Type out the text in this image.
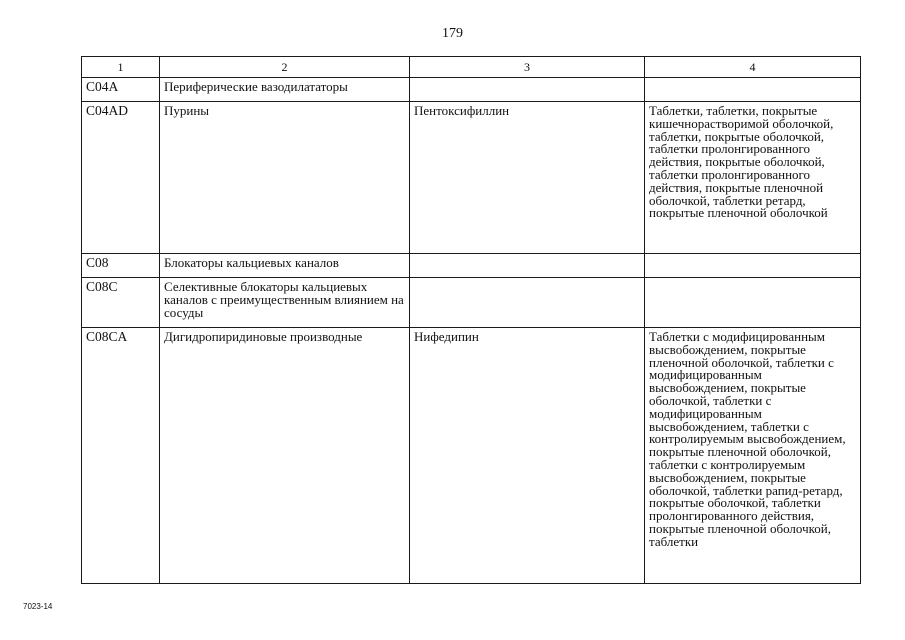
179
1	2	3	4
C04A	Периферические вазодилататоры		
C04AD	Пурины	Пентоксифиллин	Таблетки, таблетки, покрытые кишечнорастворимой оболочкой, таблетки, покрытые оболочкой, таблетки пролонгированного действия, покрытые оболочкой, таблетки пролонгированного действия, покрытые пленочной оболочкой, таблетки ретард, покрытые пленочной оболочкой
C08	Блокаторы кальциевых каналов		
C08C	Селективные блокаторы кальциевых каналов с преимущественным влиянием на сосуды		
C08CA	Дигидропиридиновые производные	Нифедипин	Таблетки с модифицированным высвобождением, покрытые пленочной оболочкой, таблетки с модифицированным высвобождением, покрытые оболочкой, таблетки с модифицированным высвобождением, таблетки с контролируемым высвобождением, покрытые пленочной оболочкой, таблетки с контролируемым высвобождением, покрытые оболочкой, таблетки рапид-ретард, покрытые оболочкой, таблетки пролонгированного действия, покрытые пленочной оболочкой, таблетки
7023-14
